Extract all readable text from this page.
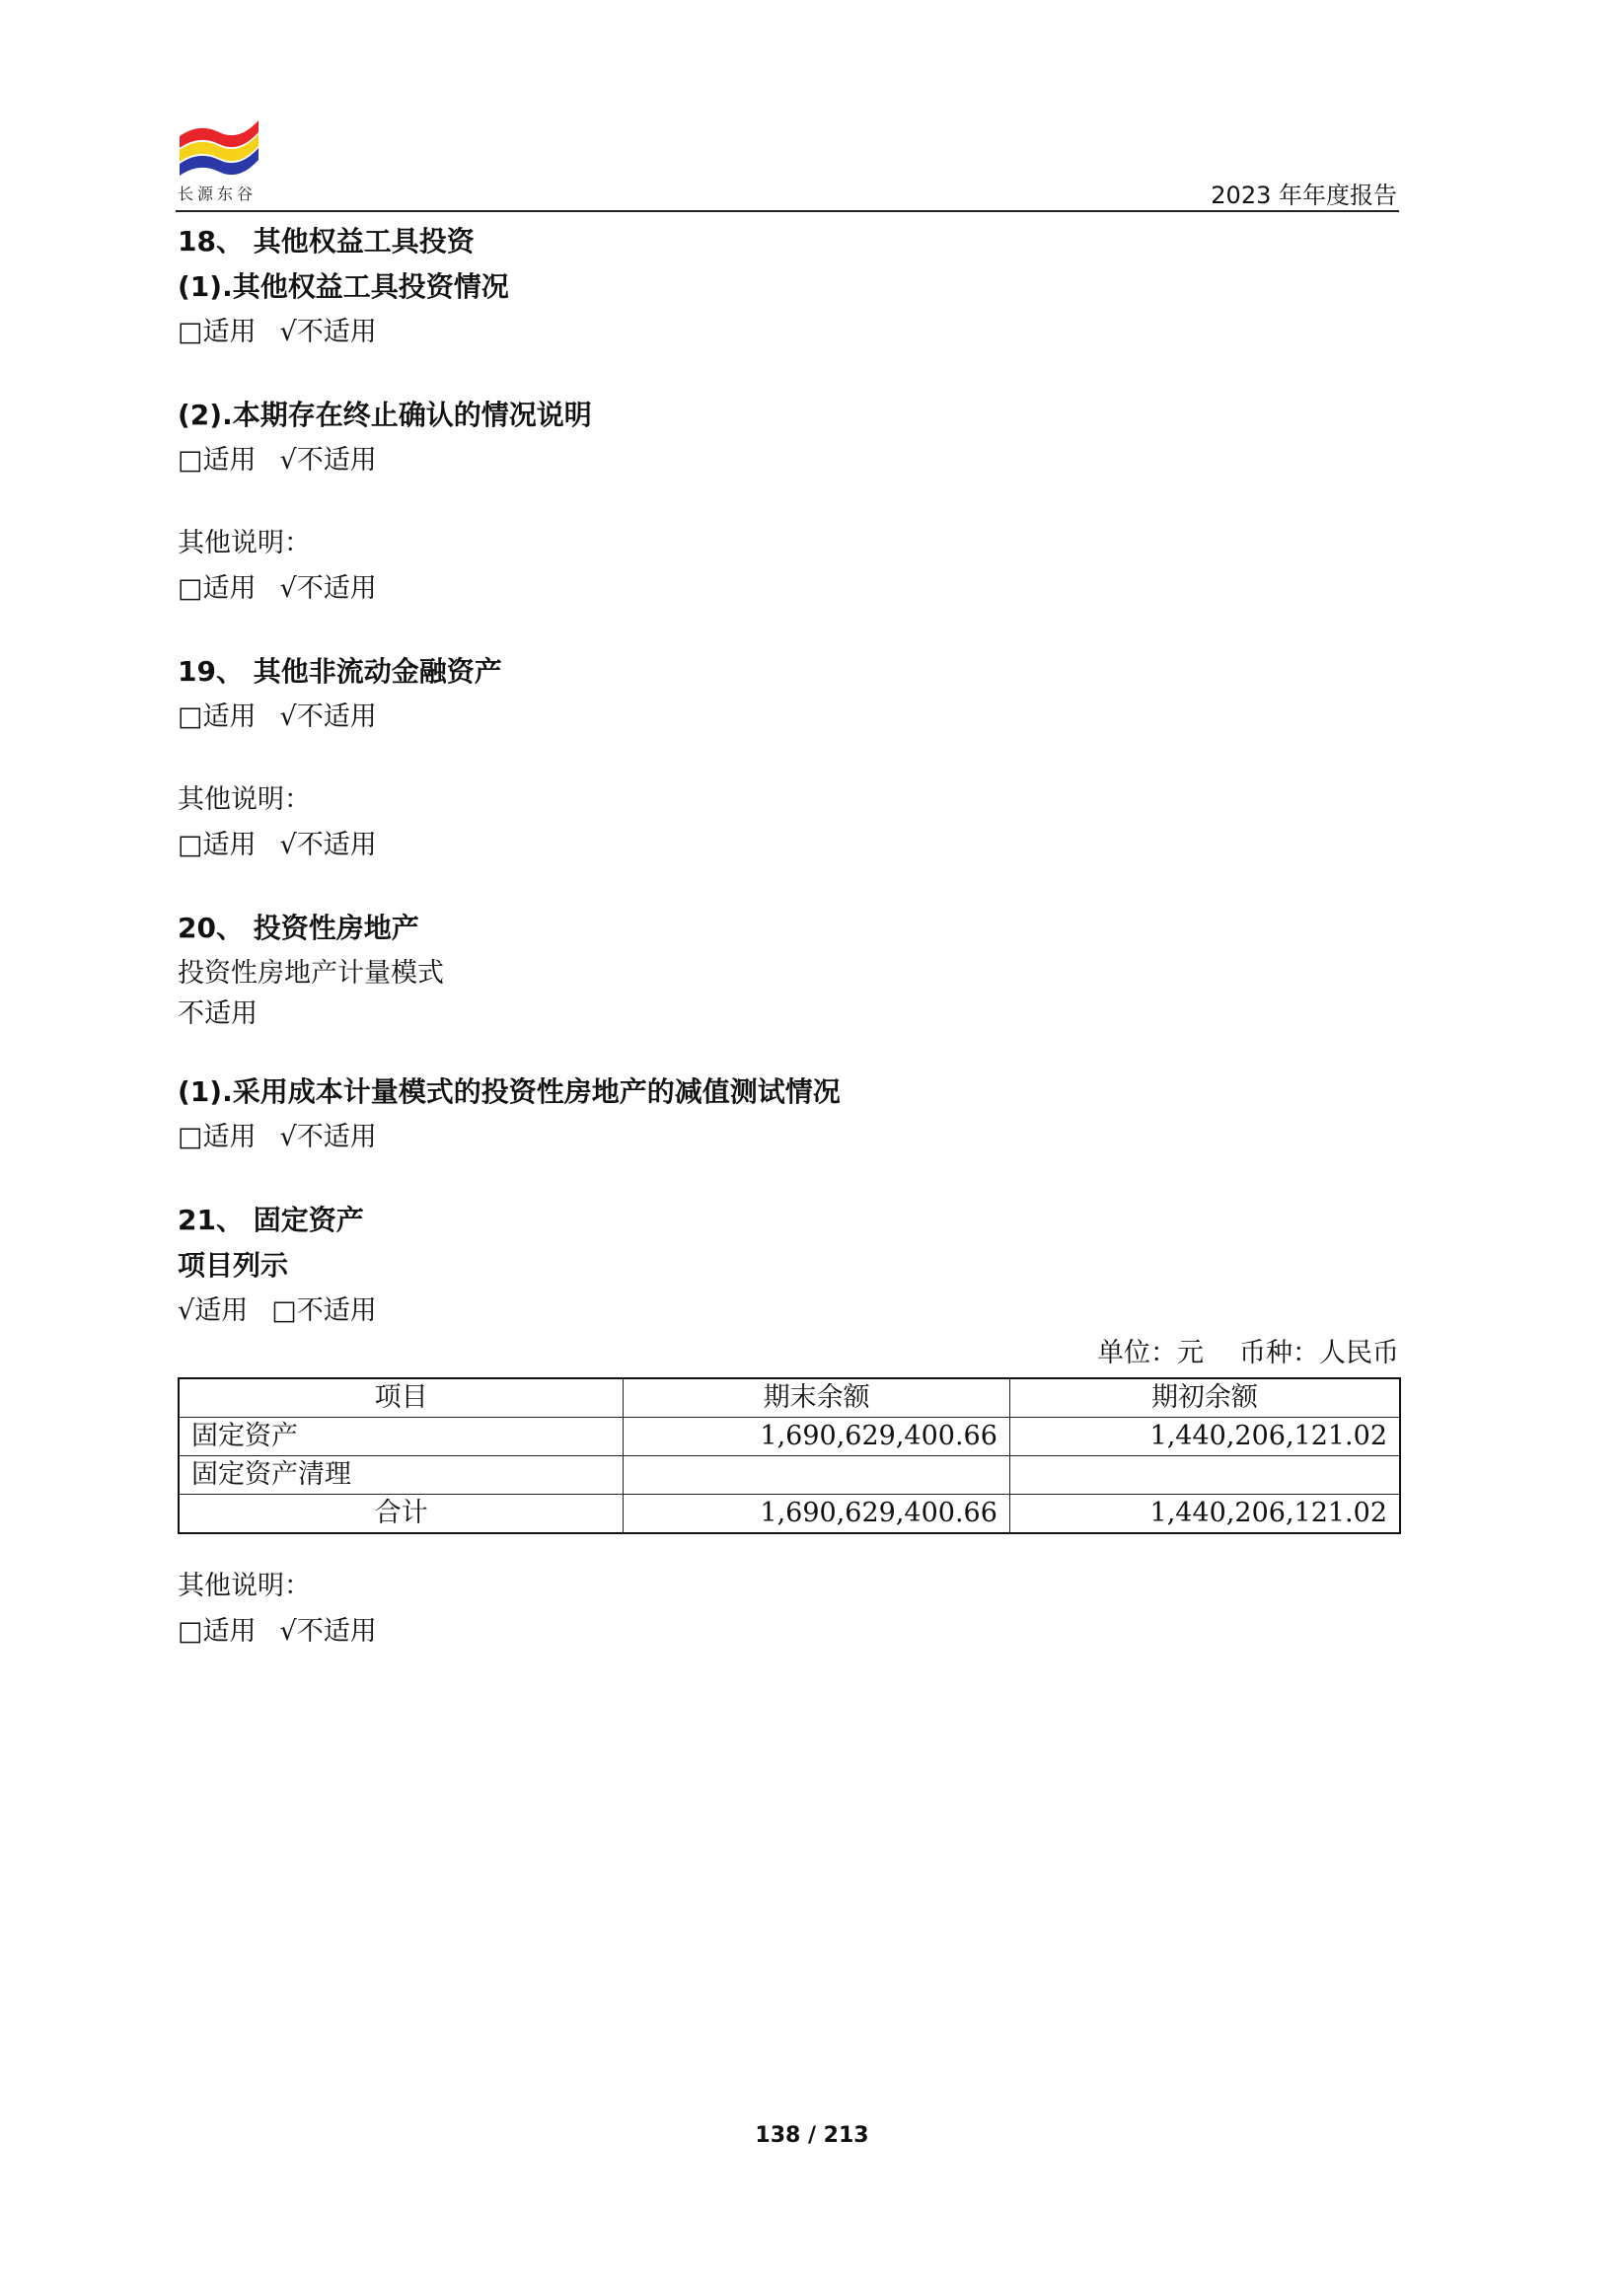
长源东谷	2023 年年度报告
18、 其他权益工具投资
(1).其他权益工具投资情况
□适用 √不适用
(2).本期存在终止确认的情况说明
□适用 √不适用
其他说明：
□适用 √不适用
19、 其他非流动金融资产
□适用 √不适用
其他说明：
□适用 √不适用
20、 投资性房地产
投资性房地产计量模式
不适用
(1).采用成本计量模式的投资性房地产的减值测试情况
□适用 √不适用
21、 固定资产
项目列示
√适用 □不适用
单位：元 币种：人民币
项目	期末余额	期初余额
固定资产	1,690,629,400.66	1,440,206,121.02
固定资产清理		
合计	1,690,629,400.66	1,440,206,121.02
其他说明：
□适用 √不适用
138 / 213
